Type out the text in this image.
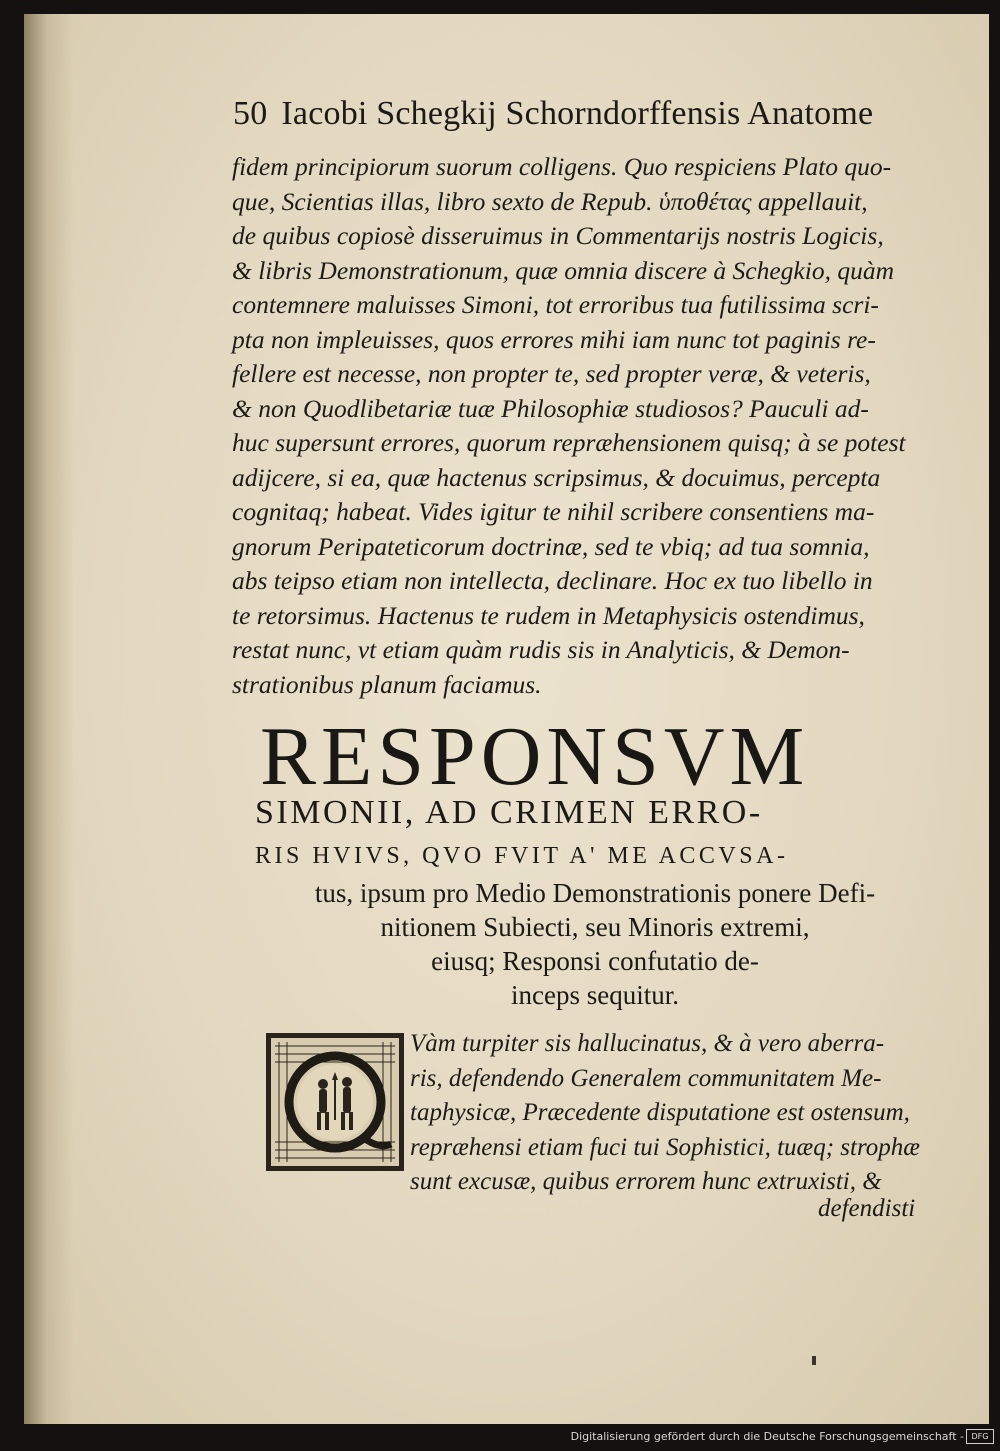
50 Iacobi Schegkij Schorndorffensis Anatome
fidem principiorum suorum colligens. Quo respiciens Plato quo-
que, Scientias illas, libro sexto de Repub. ὑποθέτας appellauit,
de quibus copiosè disseruimus in Commentarijs nostris Logicis,
& libris Demonstrationum, quæ omnia discere à Schegkio, quàm
contemnere maluisses Simoni, tot erroribus tua futilissima scri-
pta non impleuisses, quos errores mihi iam nunc tot paginis re-
fellere est necesse, non propter te, sed propter veræ, & veteris,
& non Quodlibetariæ tuæ Philosophiæ studiosos? Pauculi ad-
huc supersunt errores, quorum repræhensionem quisq; à se potest
adijcere, si ea, quæ hactenus scripsimus, & docuimus, percepta
cognitaq; habeat. Vides igitur te nihil scribere consentiens ma-
gnorum Peripateticorum doctrinæ, sed te vbiq; ad tua somnia,
abs teipso etiam non intellecta, declinare. Hoc ex tuo libello in
te retorsimus. Hactenus te rudem in Metaphysicis ostendimus,
restat nunc, vt etiam quàm rudis sis in Analyticis, & Demon-
strationibus planum faciamus.
RESPONSVM
SIMONII, AD CRIMEN ERRO-
RIS HVIVS, QVO FVIT A' ME ACCVSA-
tus, ipsum pro Medio Demonstrationis ponere Defi-
nitionem Subiecti, seu Minoris extremi,
eiusq; Responsi confutatio de-
inceps sequitur.
Vàm turpiter sis hallucinatus, & à vero aberra-
ris, defendendo Generalem communitatem Me-
taphysicæ, Præcedente disputatione est ostensum,
repræhensi etiam fuci tui Sophistici, tuæq; strophæ
sunt excusæ, quibus errorem hunc extruxisti, &
defendisti
Digitalisierung gefördert durch die Deutsche Forschungsgemeinschaft - DFG
